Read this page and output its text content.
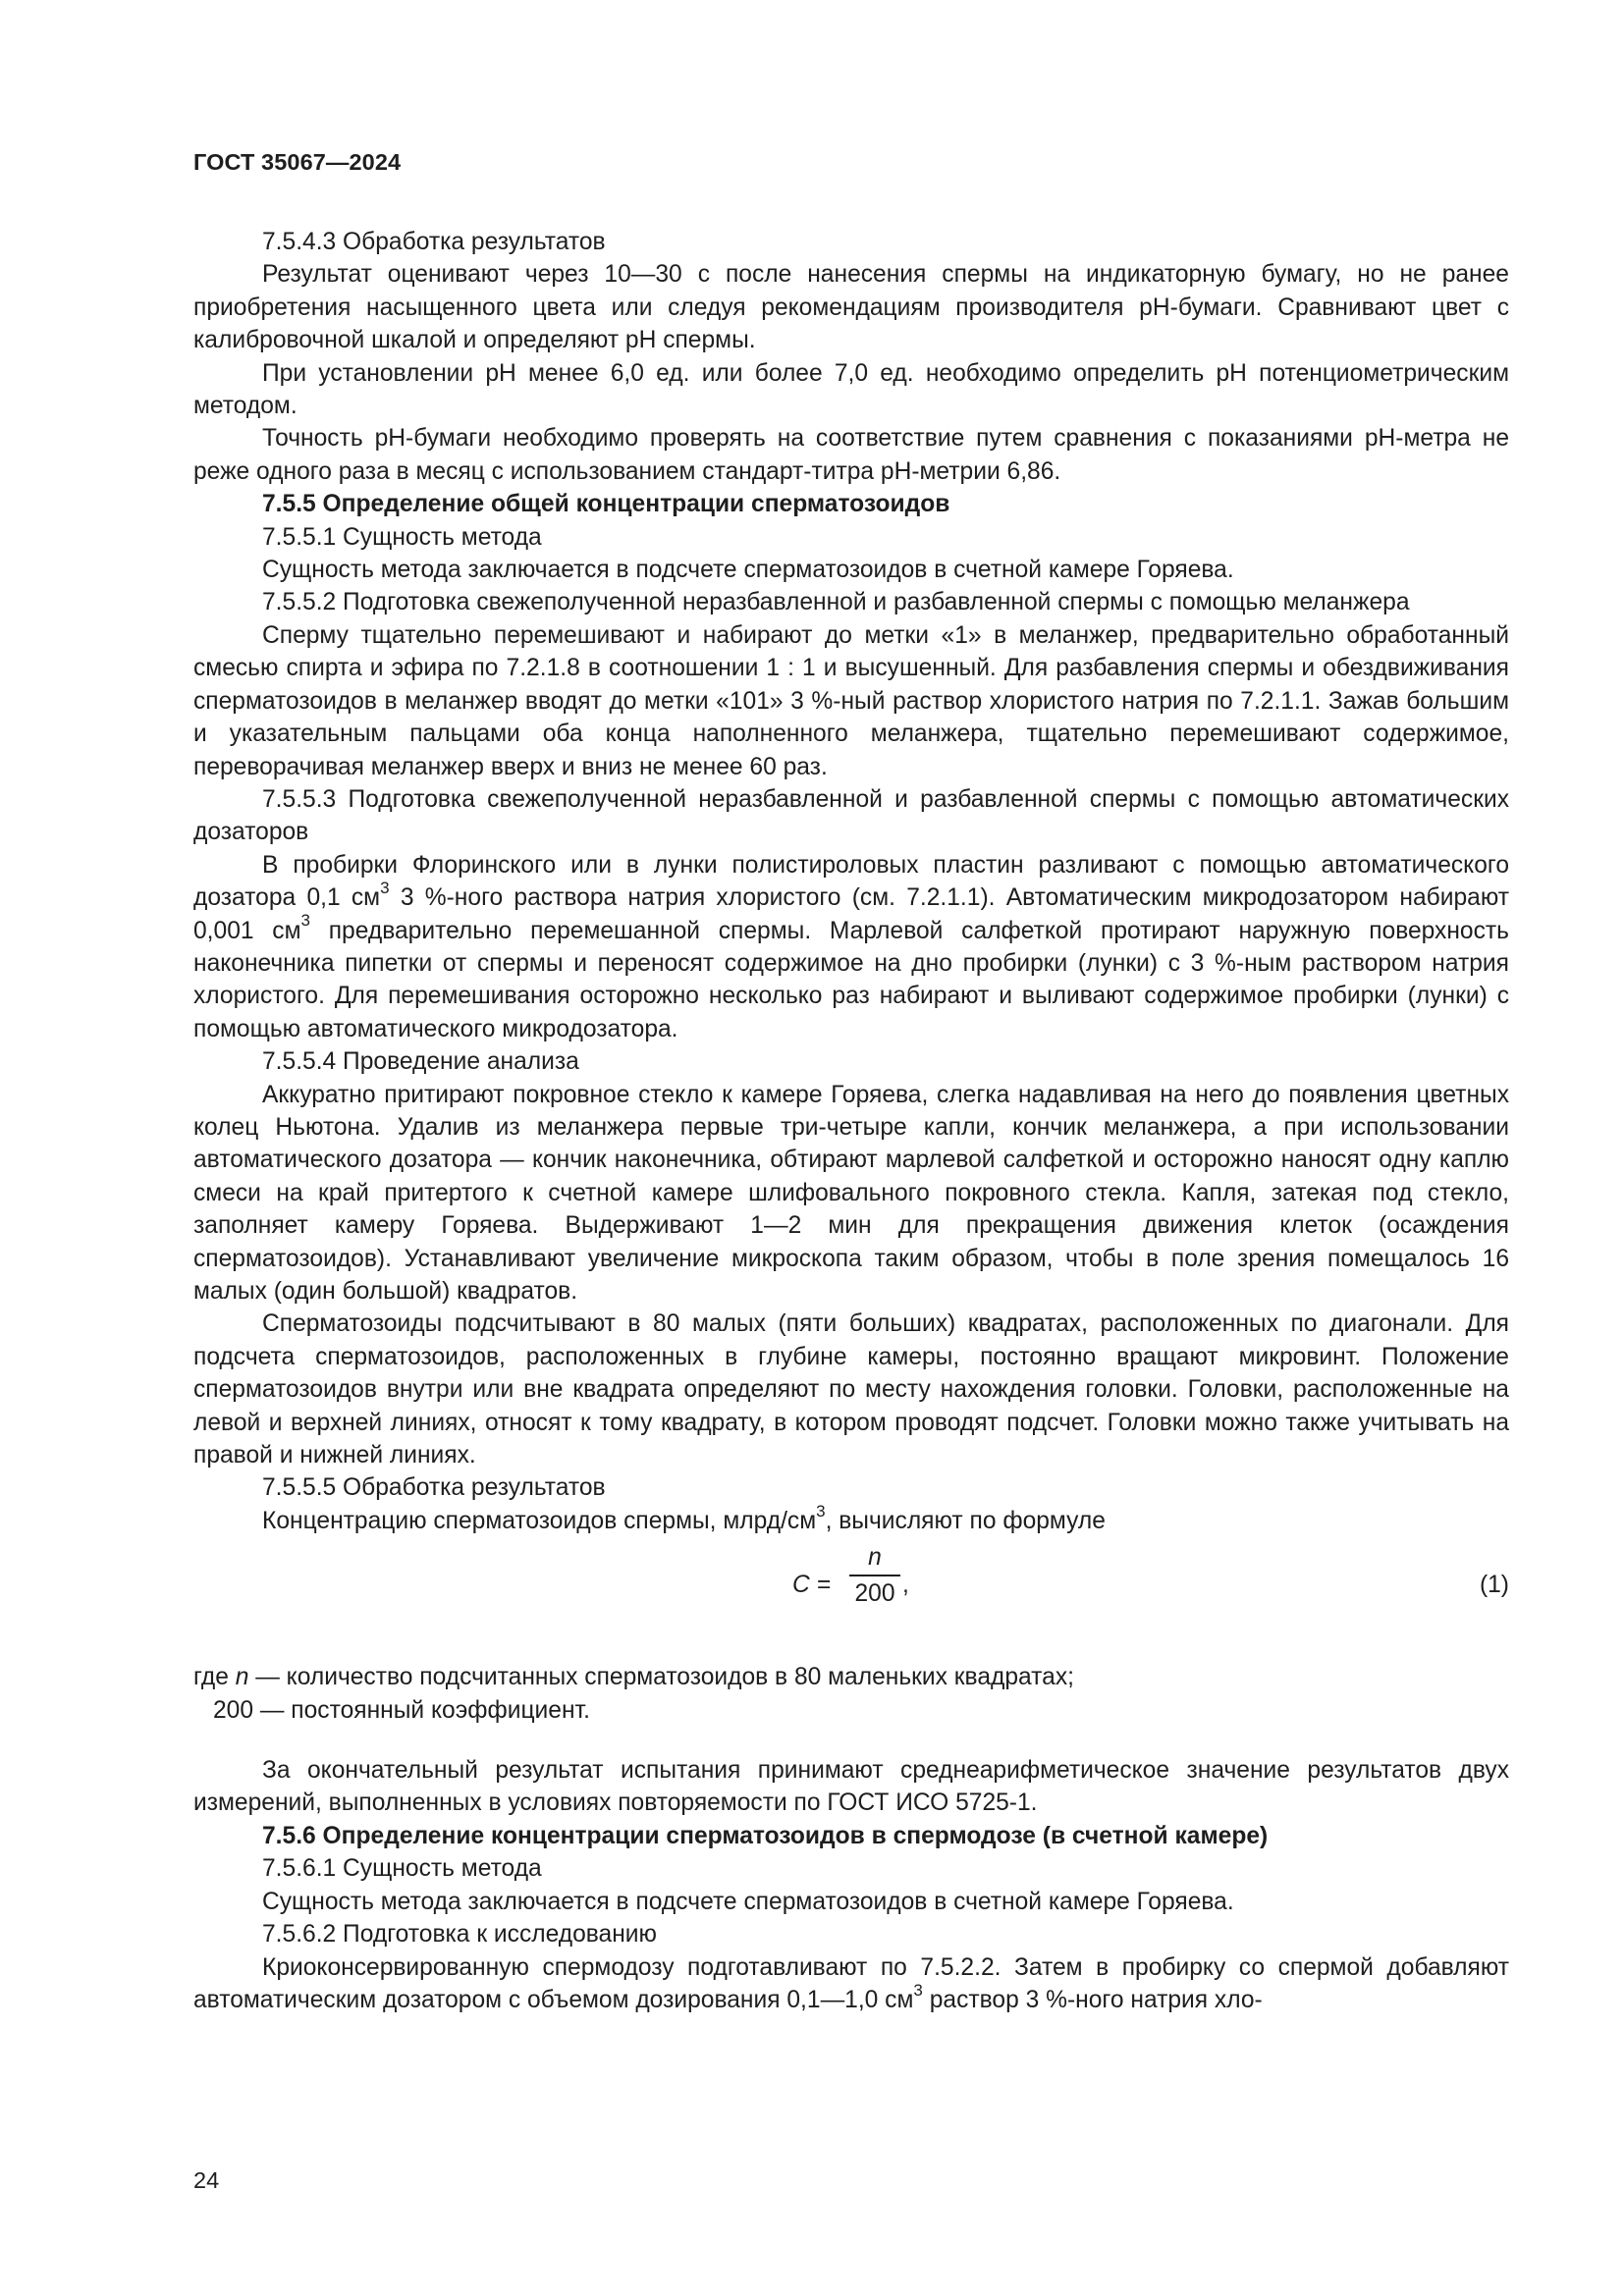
ГОСТ 35067—2024

7.5.4.3 Обработка результатов

Результат оценивают через 10—30 с после нанесения спермы на индикаторную бумагу, но не ранее приобретения насыщенного цвета или следуя рекомендациям производителя рН-бумаги. Сравнивают цвет с калибровочной шкалой и определяют рН спермы.

При установлении рН менее 6,0 ед. или более 7,0 ед. необходимо определить рН потенциометрическим методом.

Точность рН-бумаги необходимо проверять на соответствие путем сравнения с показаниями рН-метра не реже одного раза в месяц с использованием стандарт-титра рН-метрии 6,86.

7.5.5 Определение общей концентрации сперматозоидов

7.5.5.1 Сущность метода

Сущность метода заключается в подсчете сперматозоидов в счетной камере Горяева.

7.5.5.2 Подготовка свежеполученной неразбавленной и разбавленной спермы с помощью меланжера

Сперму тщательно перемешивают и набирают до метки «1» в меланжер, предварительно обработанный смесью спирта и эфира по 7.2.1.8 в соотношении 1 : 1 и высушенный. Для разбавления спермы и обездвиживания сперматозоидов в меланжер вводят до метки «101» 3 %-ный раствор хлористого натрия по 7.2.1.1. Зажав большим и указательным пальцами оба конца наполненного меланжера, тщательно перемешивают содержимое, переворачивая меланжер вверх и вниз не менее 60 раз.

7.5.5.3 Подготовка свежеполученной неразбавленной и разбавленной спермы с помощью автоматических дозаторов

В пробирки Флоринского или в лунки полистироловых пластин разливают с помощью автоматического дозатора 0,1 $см^3$ 3 %-ного раствора натрия хлористого (см. 7.2.1.1). Автоматическим микродозатором набирают 0,001 $см^3$ предварительно перемешанной спермы. Марлевой салфеткой протирают наружную поверхность наконечника пипетки от спермы и переносят содержимое на дно пробирки (лунки) с 3 %-ным раствором натрия хлористого. Для перемешивания осторожно несколько раз набирают и выливают содержимое пробирки (лунки) с помощью автоматического микродозатора.

7.5.5.4 Проведение анализа

Аккуратно притирают покровное стекло к камере Горяева, слегка надавливая на него до появления цветных колец Ньютона. Удалив из меланжера первые три-четыре капли, кончик меланжера, а при использовании автоматического дозатора — кончик наконечника, обтирают марлевой салфеткой и осторожно наносят одну каплю смеси на край притертого к счетной камере шлифовального покровного стекла. Капля, затекая под стекло, заполняет камеру Горяева. Выдерживают 1—2 мин для прекращения движения клеток (осаждения сперматозоидов). Устанавливают увеличение микроскопа таким образом, чтобы в поле зрения помещалось 16 малых (один большой) квадратов.

Сперматозоиды подсчитывают в 80 малых (пяти больших) квадратах, расположенных по диагонали. Для подсчета сперматозоидов, расположенных в глубине камеры, постоянно вращают микровинт. Положение сперматозоидов внутри или вне квадрата определяют по месту нахождения головки. Головки, расположенные на левой и верхней линиях, относят к тому квадрату, в котором проводят подсчет. Головки можно также учитывать на правой и нижней линиях.

7.5.5.5 Обработка результатов

Концентрацию сперматозоидов спермы, млрд/$см^3$, вычисляют по формуле

C =
n
200 ,	(1)

где n — количество подсчитанных сперматозоидов в 80 маленьких квадратах;

200 — постоянный коэффициент.

За окончательный результат испытания принимают среднеарифметическое значение результатов двух измерений, выполненных в условиях повторяемости по ГОСТ ИСО 5725-1.

7.5.6 Определение концентрации сперматозоидов в спермодозе (в счетной камере)

7.5.6.1 Сущность метода

Сущность метода заключается в подсчете сперматозоидов в счетной камере Горяева.

7.5.6.2 Подготовка к исследованию

Криоконсервированную спермодозу подготавливают по 7.5.2.2. Затем в пробирку со спермой добавляют автоматическим дозатором с объемом дозирования 0,1—1,0 $см^3$ раствор 3 %-ного натрия хло-

24
